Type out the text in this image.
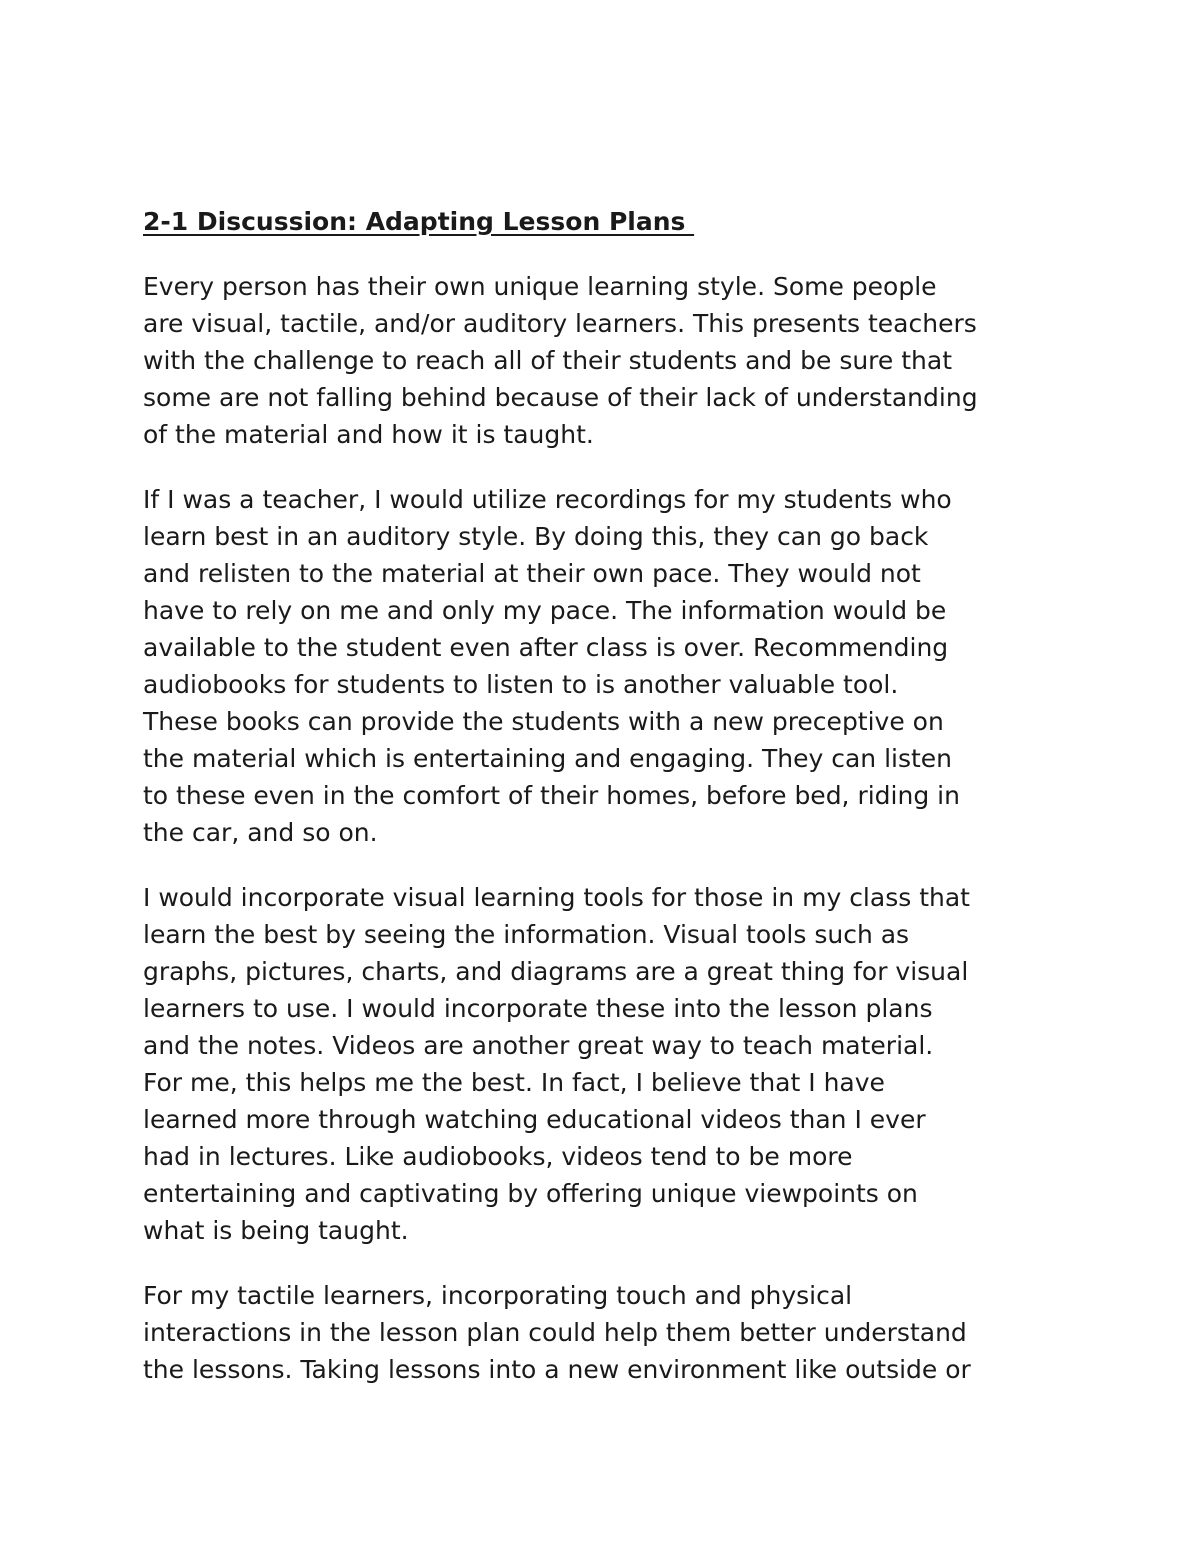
2-1 Discussion: Adapting Lesson Plans

Every person has their own unique learning style. Some people
are visual, tactile, and/or auditory learners. This presents teachers
with the challenge to reach all of their students and be sure that
some are not falling behind because of their lack of understanding
of the material and how it is taught.

If I was a teacher, I would utilize recordings for my students who
learn best in an auditory style. By doing this, they can go back
and relisten to the material at their own pace. They would not
have to rely on me and only my pace. The information would be
available to the student even after class is over. Recommending
audiobooks for students to listen to is another valuable tool.
These books can provide the students with a new preceptive on
the material which is entertaining and engaging. They can listen
to these even in the comfort of their homes, before bed, riding in
the car, and so on.

I would incorporate visual learning tools for those in my class that
learn the best by seeing the information. Visual tools such as
graphs, pictures, charts, and diagrams are a great thing for visual
learners to use. I would incorporate these into the lesson plans
and the notes. Videos are another great way to teach material.
For me, this helps me the best. In fact, I believe that I have
learned more through watching educational videos than I ever
had in lectures. Like audiobooks, videos tend to be more
entertaining and captivating by offering unique viewpoints on
what is being taught.

For my tactile learners, incorporating touch and physical
interactions in the lesson plan could help them better understand
the lessons. Taking lessons into a new environment like outside or
